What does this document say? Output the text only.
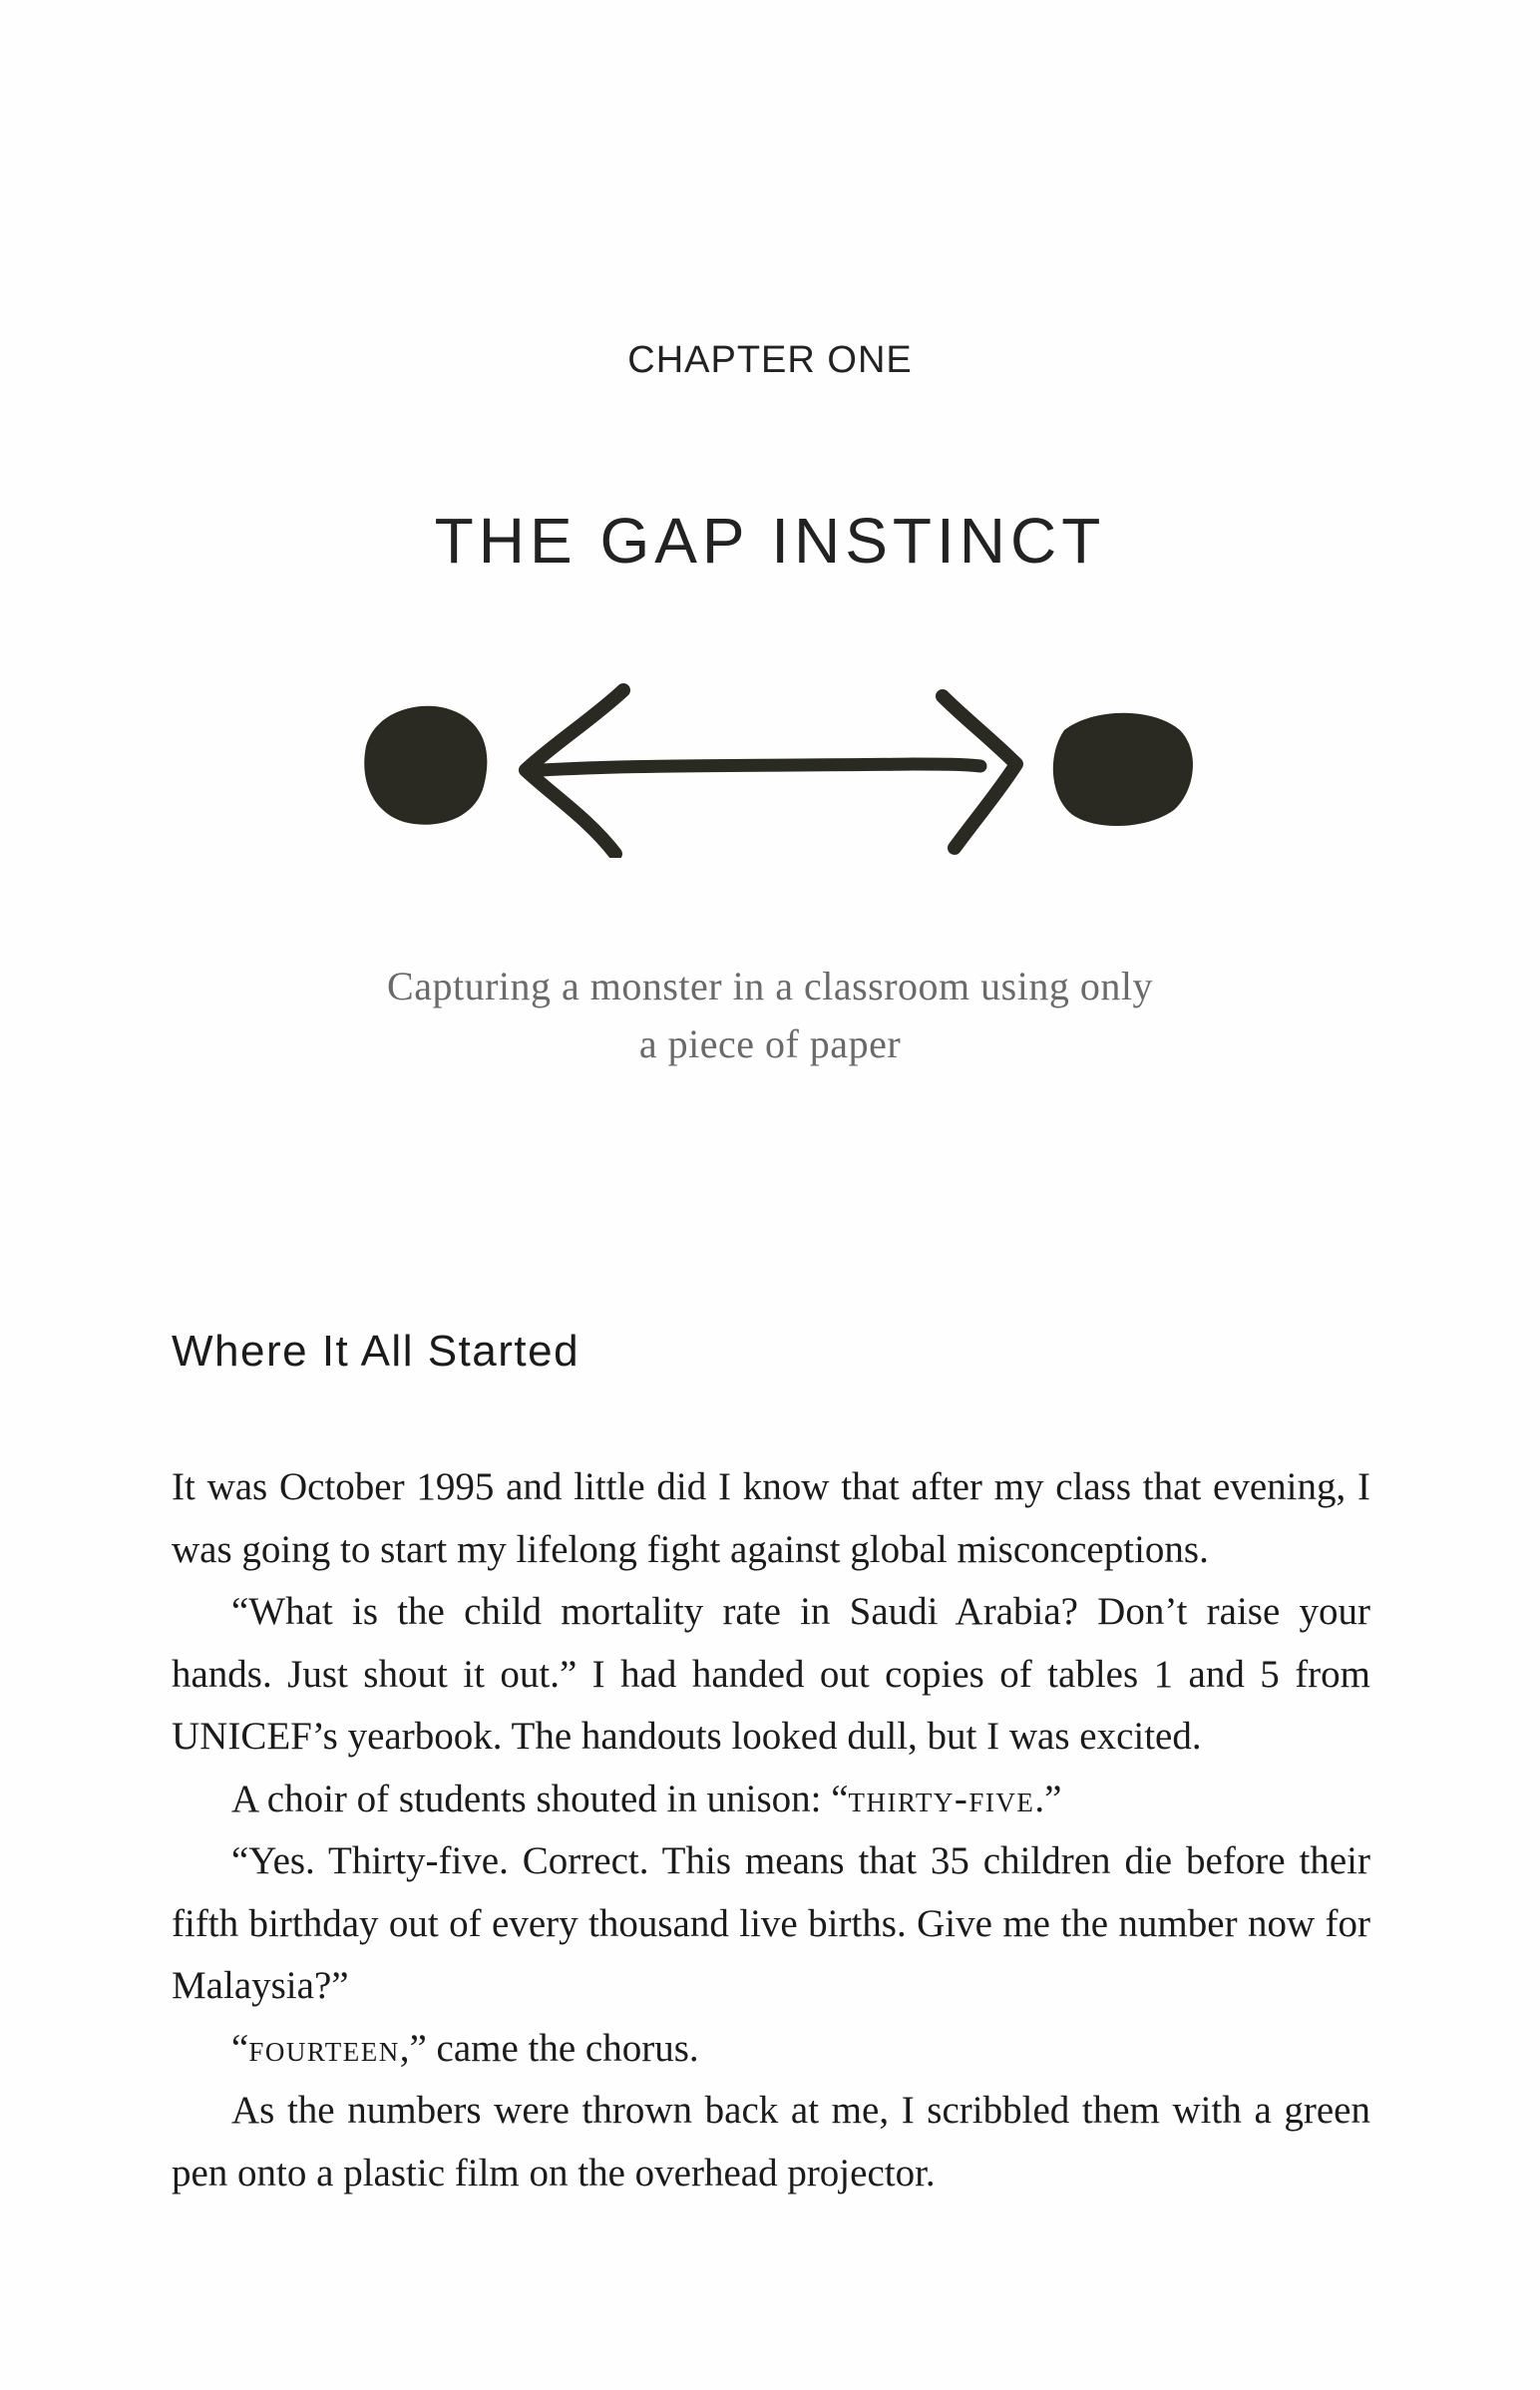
CHAPTER ONE
THE GAP INSTINCT
Capturing a monster in a classroom using only
a piece of paper
Where It All Started

It was October 1995 and little did I know that after my class that evening, I was going to start my lifelong fight against global misconceptions.

“What is the child mortality rate in Saudi Arabia? Don’t raise your hands. Just shout it out.” I had handed out copies of tables 1 and 5 from UNICEF’s yearbook. The handouts looked dull, but I was excited.

A choir of students shouted in unison: “thirty-five.”

“Yes. Thirty-five. Correct. This means that 35 children die before their fifth birthday out of every thousand live births. Give me the number now for Malaysia?”

“fourteen,” came the chorus.

As the numbers were thrown back at me, I scribbled them with a green pen onto a plastic film on the overhead projector.
